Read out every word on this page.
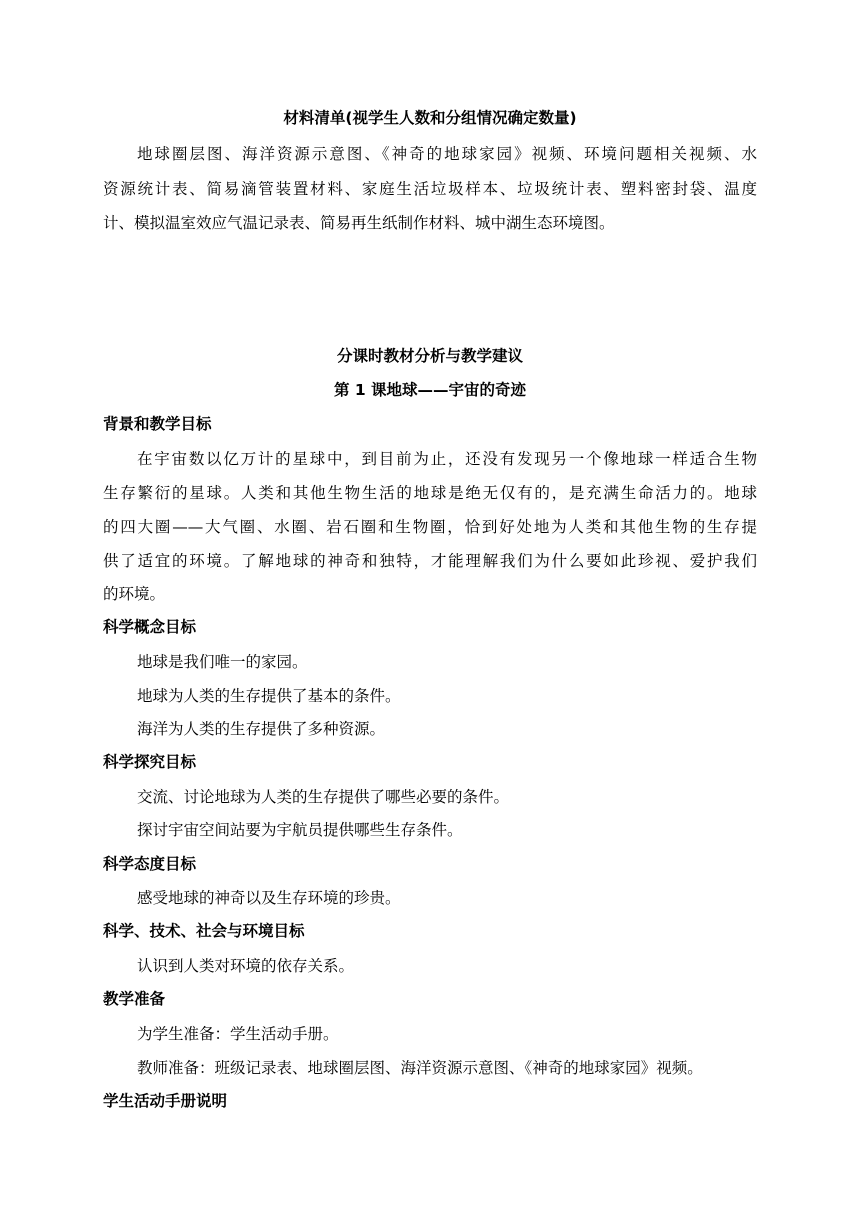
材料清单(视学生人数和分组情况确定数量)
地球圈层图、海洋资源示意图、《神奇的地球家园》视频、环境问题相关视频、水
资源统计表、简易滴管装置材料、家庭生活垃圾样本、垃圾统计表、塑料密封袋、温度
计、模拟温室效应气温记录表、简易再生纸制作材料、城中湖生态环境图。
分课时教材分析与教学建议
第 1 课地球——宇宙的奇迹
背景和教学目标
在宇宙数以亿万计的星球中，到目前为止，还没有发现另一个像地球一样适合生物
生存繁衍的星球。人类和其他生物生活的地球是绝无仅有的，是充满生命活力的。地球
的四大圈——大气圈、水圈、岩石圈和生物圈，恰到好处地为人类和其他生物的生存提
供了适宜的环境。了解地球的神奇和独特，才能理解我们为什么要如此珍视、爱护我们
的环境。
科学概念目标
地球是我们唯一的家园。
地球为人类的生存提供了基本的条件。
海洋为人类的生存提供了多种资源。
科学探究目标
交流、讨论地球为人类的生存提供了哪些必要的条件。
探讨宇宙空间站要为宇航员提供哪些生存条件。
科学态度目标
感受地球的神奇以及生存环境的珍贵。
科学、技术、社会与环境目标
认识到人类对环境的依存关系。
教学准备
为学生准备：学生活动手册。
教师准备：班级记录表、地球圈层图、海洋资源示意图、《神奇的地球家园》视频。
学生活动手册说明
